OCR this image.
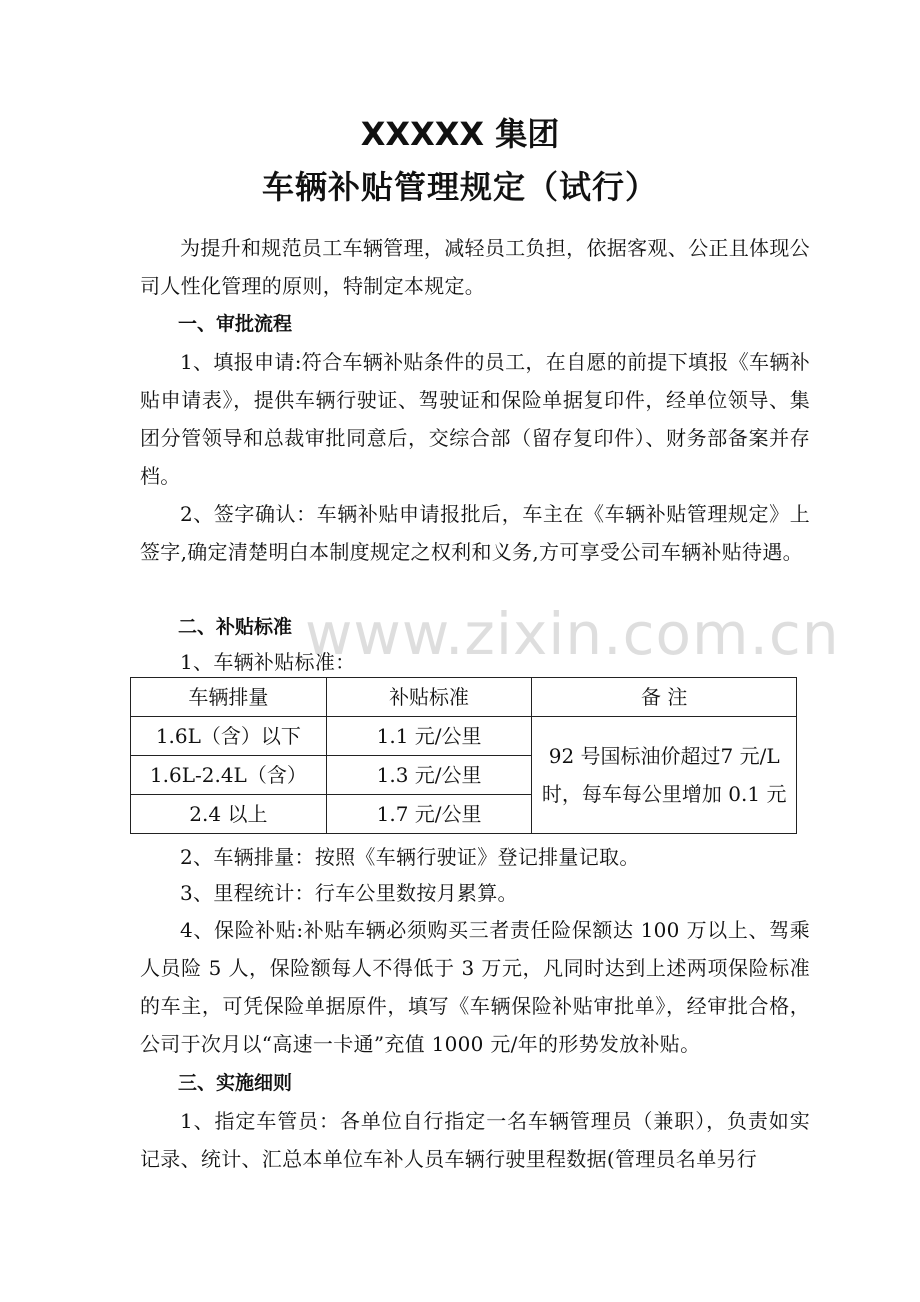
XXXXX 集团
车辆补贴管理规定（试行）

为提升和规范员工车辆管理，减轻员工负担，依据客观、公正且体现公司人性化管理的原则，特制定本规定。

一、审批流程

1、填报申请:符合车辆补贴条件的员工，在自愿的前提下填报《车辆补贴申请表》，提供车辆行驶证、驾驶证和保险单据复印件，经单位领导、集团分管领导和总裁审批同意后，交综合部（留存复印件）、财务部备案并存档。

2、签字确认：车辆补贴申请报批后，车主在《车辆补贴管理规定》上签字,确定清楚明白本制度规定之权利和义务,方可享受公司车辆补贴待遇。

二、补贴标准

1、车辆补贴标准：

车辆排量	补贴标准	备 注
1.6L（含）以下	1.1 元/公里	92 号国标油价超过7 元/L 时，每车每公里增加 0.1 元
1.6L-2.4L（含）	1.3 元/公里	
2.4 以上	1.7 元/公里	

2、车辆排量：按照《车辆行驶证》登记排量记取。

3、里程统计：行车公里数按月累算。

4、保险补贴:补贴车辆必须购买三者责任险保额达 100 万以上、驾乘人员险 5 人，保险额每人不得低于 3 万元，凡同时达到上述两项保险标准的车主，可凭保险单据原件，填写《车辆保险补贴审批单》，经审批合格，公司于次月以“高速一卡通”充值 1000 元/年的形势发放补贴。

三、实施细则

1、指定车管员：各单位自行指定一名车辆管理员（兼职），负责如实记录、统计、汇总本单位车补人员车辆行驶里程数据(管理员名单另行

www.zixin.com.cn
